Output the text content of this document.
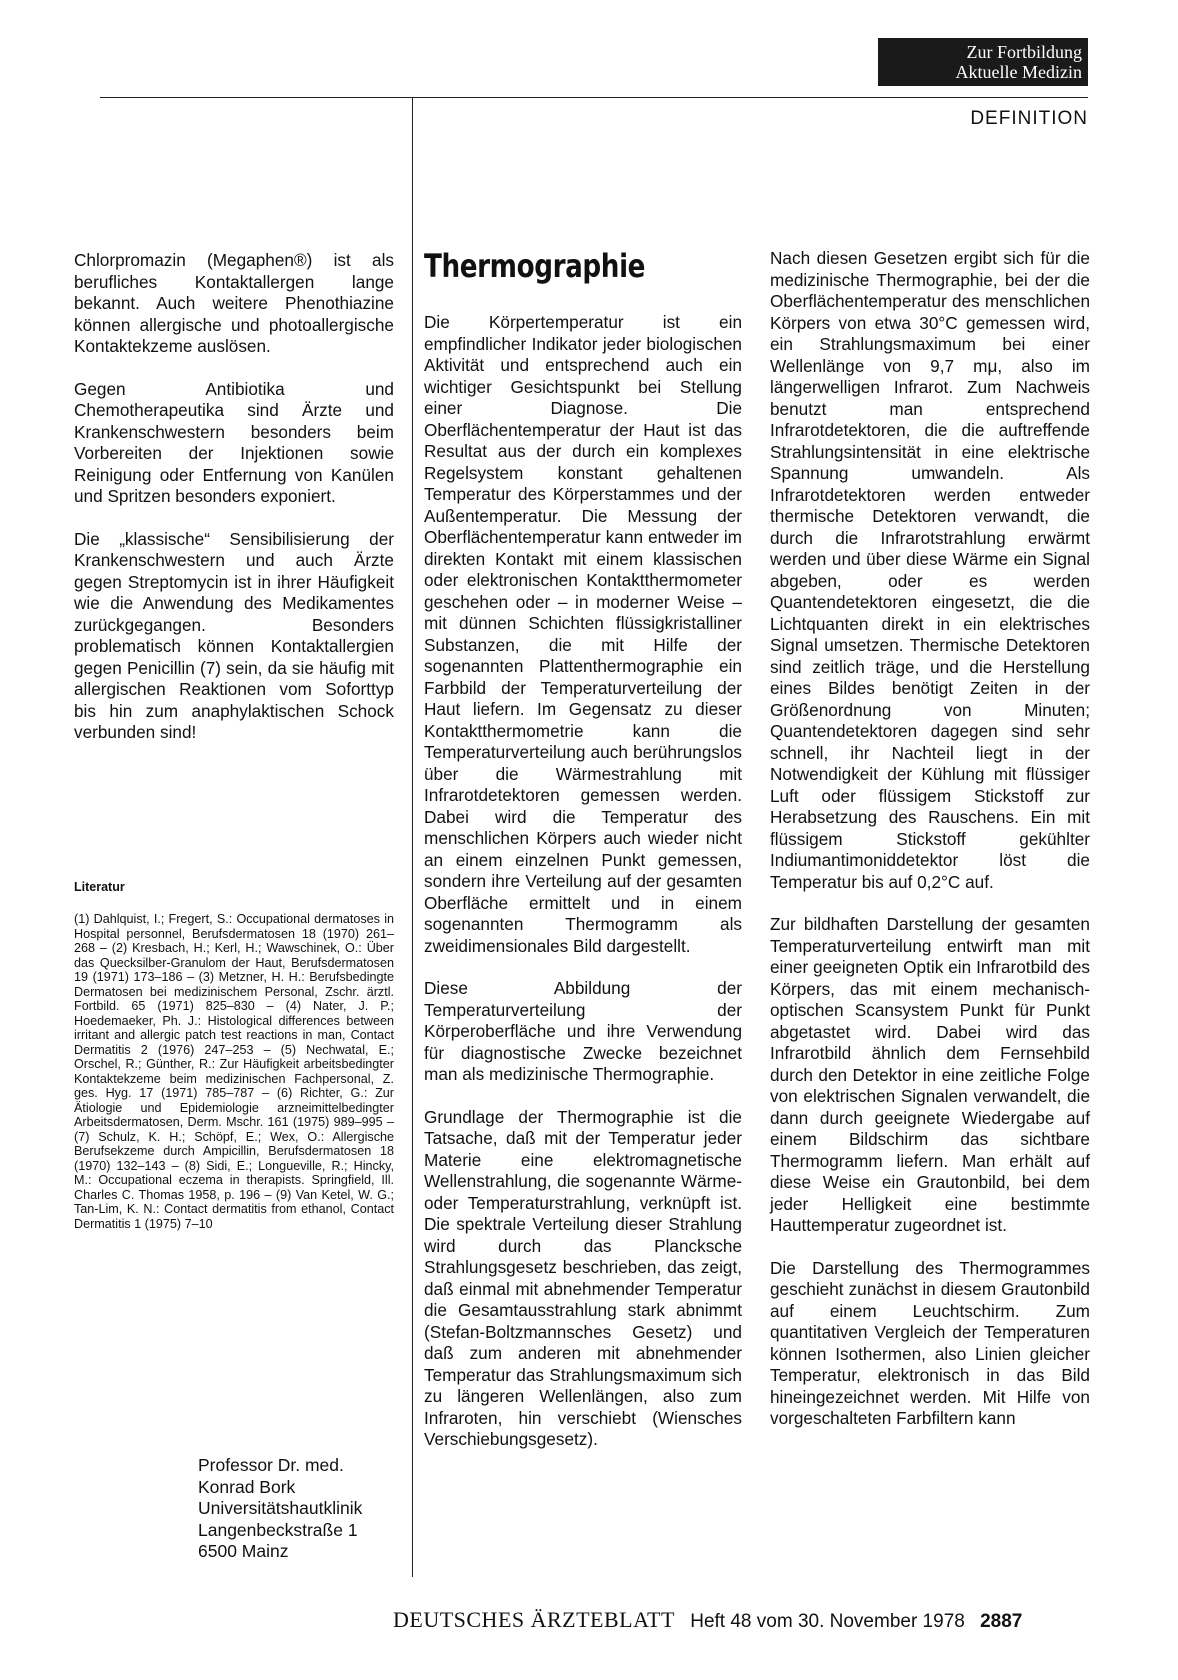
Zur Fortbildung
Aktuelle Medizin
DEFINITION

Chlorpromazin (Megaphen®) ist als berufliches Kontaktallergen lange bekannt. Auch weitere Phenothiazine können allergische und photoallergische Kontaktekzeme auslösen.

Gegen Antibiotika und Chemotherapeutika sind Ärzte und Krankenschwestern besonders beim Vorbereiten der Injektionen sowie Reinigung oder Entfernung von Kanülen und Spritzen besonders exponiert.

Die „klassische“ Sensibilisierung der Krankenschwestern und auch Ärzte gegen Streptomycin ist in ihrer Häufigkeit wie die Anwendung des Medikamentes zurückgegangen. Besonders problematisch können Kontaktallergien gegen Penicillin (7) sein, da sie häufig mit allergischen Reaktionen vom Soforttyp bis hin zum anaphylaktischen Schock verbunden sind!

Literatur
(1) Dahlquist, I.; Fregert, S.: Occupational dermatoses in Hospital personnel, Berufsdermatosen 18 (1970) 261–268 – (2) Kresbach, H.; Kerl, H.; Wawschinek, O.: Über das Quecksilber-Granulom der Haut, Berufsdermatosen 19 (1971) 173–186 – (3) Metzner, H. H.: Berufsbedingte Dermatosen bei medizinischem Personal, Zschr. ärztl. Fortbild. 65 (1971) 825–830 – (4) Nater, J. P.; Hoedemaeker, Ph. J.: Histological differences between irritant and allergic patch test reactions in man, Contact Dermatitis 2 (1976) 247–253 – (5) Nechwatal, E.; Orschel, R.; Günther, R.: Zur Häufigkeit arbeitsbedingter Kontaktekzeme beim medizinischen Fachpersonal, Z. ges. Hyg. 17 (1971) 785–787 – (6) Richter, G.: Zur Ätiologie und Epidemiologie arzneimittelbedingter Arbeitsdermatosen, Derm. Mschr. 161 (1975) 989–995 – (7) Schulz, K. H.; Schöpf, E.; Wex, O.: Allergische Berufsekzeme durch Ampicillin, Berufsdermatosen 18 (1970) 132–143 – (8) Sidi, E.; Longueville, R.; Hincky, M.: Occupational eczema in therapists. Springfield, Ill. Charles C. Thomas 1958, p. 196 – (9) Van Ketel, W. G.; Tan-Lim, K. N.: Contact dermatitis from ethanol, Contact Dermatitis 1 (1975) 7–10
Professor Dr. med.
Konrad Bork
Universitätshautklinik
Langenbeckstraße 1
6500 Mainz
Thermographie

Die Körpertemperatur ist ein empfindlicher Indikator jeder biologischen Aktivität und entsprechend auch ein wichtiger Gesichtspunkt bei Stellung einer Diagnose. Die Oberflächentemperatur der Haut ist das Resultat aus der durch ein komplexes Regelsystem konstant gehaltenen Temperatur des Körperstammes und der Außentemperatur. Die Messung der Oberflächentemperatur kann entweder im direkten Kontakt mit einem klassischen oder elektronischen Kontaktthermometer geschehen oder – in moderner Weise – mit dünnen Schichten flüssigkristalliner Substanzen, die mit Hilfe der sogenannten Plattenthermographie ein Farbbild der Temperaturverteilung der Haut liefern. Im Gegensatz zu dieser Kontaktthermometrie kann die Temperaturverteilung auch berührungslos über die Wärmestrahlung mit Infrarotdetektoren gemessen werden. Dabei wird die Temperatur des menschlichen Körpers auch wieder nicht an einem einzelnen Punkt gemessen, sondern ihre Verteilung auf der gesamten Oberfläche ermittelt und in einem sogenannten Thermogramm als zweidimensionales Bild dargestellt.

Diese Abbildung der Temperaturverteilung der Körperoberfläche und ihre Verwendung für diagnostische Zwecke bezeichnet man als medizinische Thermographie.

Grundlage der Thermographie ist die Tatsache, daß mit der Temperatur jeder Materie eine elektromagnetische Wellenstrahlung, die sogenannte Wärme- oder Temperaturstrahlung, verknüpft ist. Die spektrale Verteilung dieser Strahlung wird durch das Plancksche Strahlungsgesetz beschrieben, das zeigt, daß einmal mit abnehmender Temperatur die Gesamtausstrahlung stark abnimmt (Stefan-Boltzmannsches Gesetz) und daß zum anderen mit abnehmender Temperatur das Strahlungsmaximum sich zu längeren Wellenlängen, also zum Infraroten, hin verschiebt (Wiensches Verschiebungsgesetz).

Nach diesen Gesetzen ergibt sich für die medizinische Thermographie, bei der die Oberflächentemperatur des menschlichen Körpers von etwa 30°C gemessen wird, ein Strahlungsmaximum bei einer Wellenlänge von 9,7 mμ, also im längerwelligen Infrarot. Zum Nachweis benutzt man entsprechend Infrarotdetektoren, die die auftreffende Strahlungsintensität in eine elektrische Spannung umwandeln. Als Infrarotdetektoren werden entweder thermische Detektoren verwandt, die durch die Infrarotstrahlung erwärmt werden und über diese Wärme ein Signal abgeben, oder es werden Quantendetektoren eingesetzt, die die Lichtquanten direkt in ein elektrisches Signal umsetzen. Thermische Detektoren sind zeitlich träge, und die Herstellung eines Bildes benötigt Zeiten in der Größenordnung von Minuten; Quantendetektoren dagegen sind sehr schnell, ihr Nachteil liegt in der Notwendigkeit der Kühlung mit flüssiger Luft oder flüssigem Stickstoff zur Herabsetzung des Rauschens. Ein mit flüssigem Stickstoff gekühlter Indiumantimoniddetektor löst die Temperatur bis auf 0,2°C auf.

Zur bildhaften Darstellung der gesamten Temperaturverteilung entwirft man mit einer geeigneten Optik ein Infrarotbild des Körpers, das mit einem mechanisch-optischen Scansystem Punkt für Punkt abgetastet wird. Dabei wird das Infrarotbild ähnlich dem Fernsehbild durch den Detektor in eine zeitliche Folge von elektrischen Signalen verwandelt, die dann durch geeignete Wiedergabe auf einem Bildschirm das sichtbare Thermogramm liefern. Man erhält auf diese Weise ein Grautonbild, bei dem jeder Helligkeit eine bestimmte Hauttemperatur zugeordnet ist.

Die Darstellung des Thermogrammes geschieht zunächst in diesem Grautonbild auf einem Leuchtschirm. Zum quantitativen Vergleich der Temperaturen können Isothermen, also Linien gleicher Temperatur, elektronisch in das Bild hineingezeichnet werden. Mit Hilfe von vorgeschalteten Farbfiltern kann

DEUTSCHES ÄRZTEBLATT Heft 48 vom 30. November 1978 2887
